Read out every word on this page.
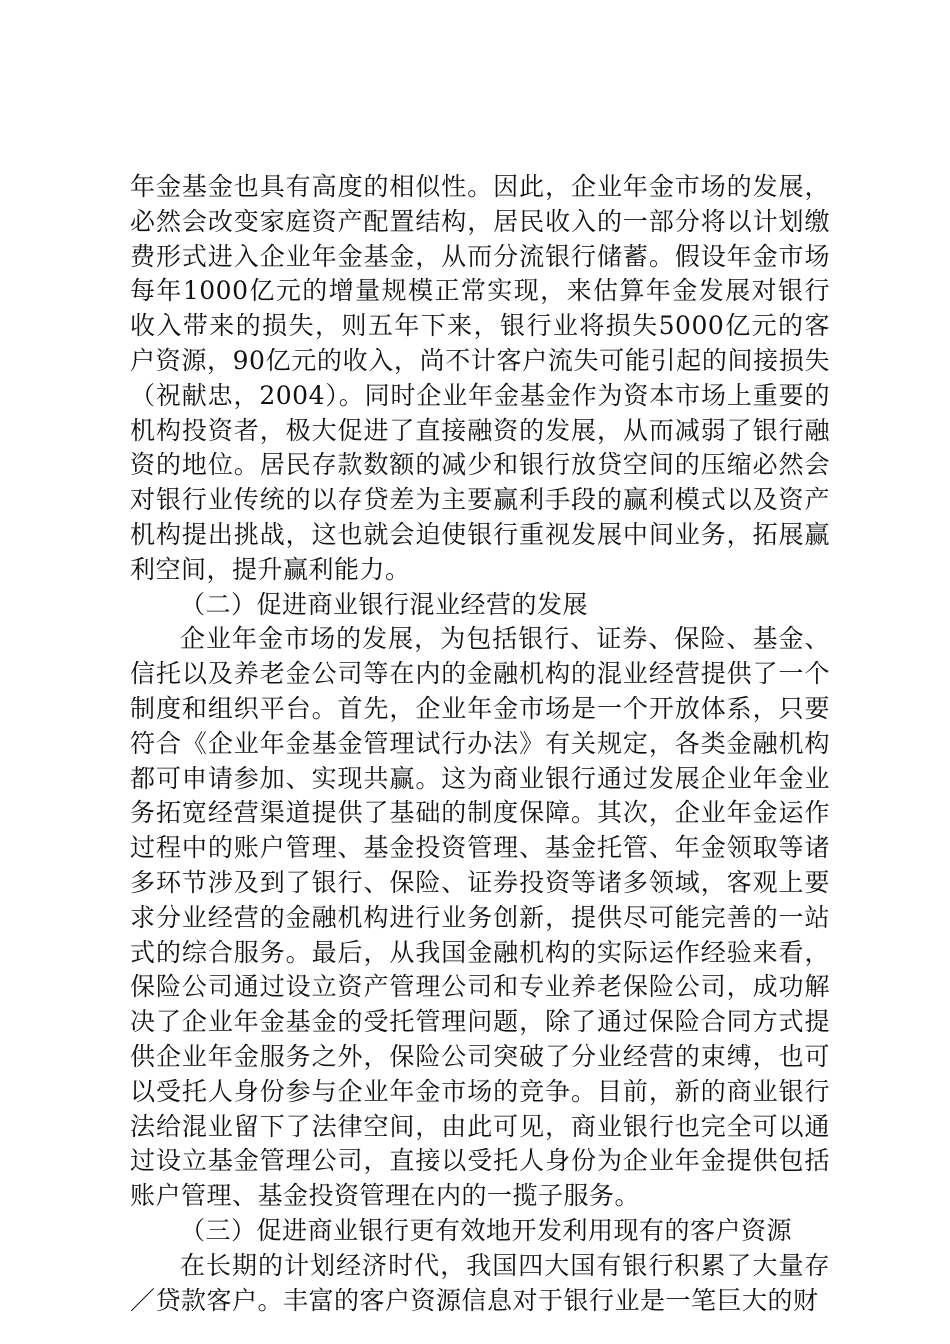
年金基金也具有高度的相似性。因此，企业年金市场的发展，必然会改变家庭资产配置结构，居民收入的一部分将以计划缴费形式进入企业年金基金，从而分流银行储蓄。假设年金市场每年1000亿元的增量规模正常实现，来估算年金发展对银行收入带来的损失，则五年下来，银行业将损失5000亿元的客户资源，90亿元的收入，尚不计客户流失可能引起的间接损失（祝献忠，2004）。同时企业年金基金作为资本市场上重要的机构投资者，极大促进了直接融资的发展，从而减弱了银行融资的地位。居民存款数额的减少和银行放贷空间的压缩必然会对银行业传统的以存贷差为主要赢利手段的赢利模式以及资产机构提出挑战，这也就会迫使银行重视发展中间业务，拓展赢利空间，提升赢利能力。

（二）促进商业银行混业经营的发展

企业年金市场的发展，为包括银行、证券、保险、基金、信托以及养老金公司等在内的金融机构的混业经营提供了一个制度和组织平台。首先，企业年金市场是一个开放体系，只要符合《企业年金基金管理试行办法》有关规定，各类金融机构都可申请参加、实现共赢。这为商业银行通过发展企业年金业务拓宽经营渠道提供了基础的制度保障。其次，企业年金运作过程中的账户管理、基金投资管理、基金托管、年金领取等诸多环节涉及到了银行、保险、证券投资等诸多领域，客观上要求分业经营的金融机构进行业务创新，提供尽可能完善的一站式的综合服务。最后，从我国金融机构的实际运作经验来看，保险公司通过设立资产管理公司和专业养老保险公司，成功解决了企业年金基金的受托管理问题，除了通过保险合同方式提供企业年金服务之外，保险公司突破了分业经营的束缚，也可以受托人身份参与企业年金市场的竞争。目前，新的商业银行法给混业留下了法律空间，由此可见，商业银行也完全可以通过设立基金管理公司，直接以受托人身份为企业年金提供包括账户管理、基金投资管理在内的一揽子服务。

（三）促进商业银行更有效地开发利用现有的客户资源

在长期的计划经济时代，我国四大国有银行积累了大量存／贷款客户。丰富的客户资源信息对于银行业是一笔巨大的财
